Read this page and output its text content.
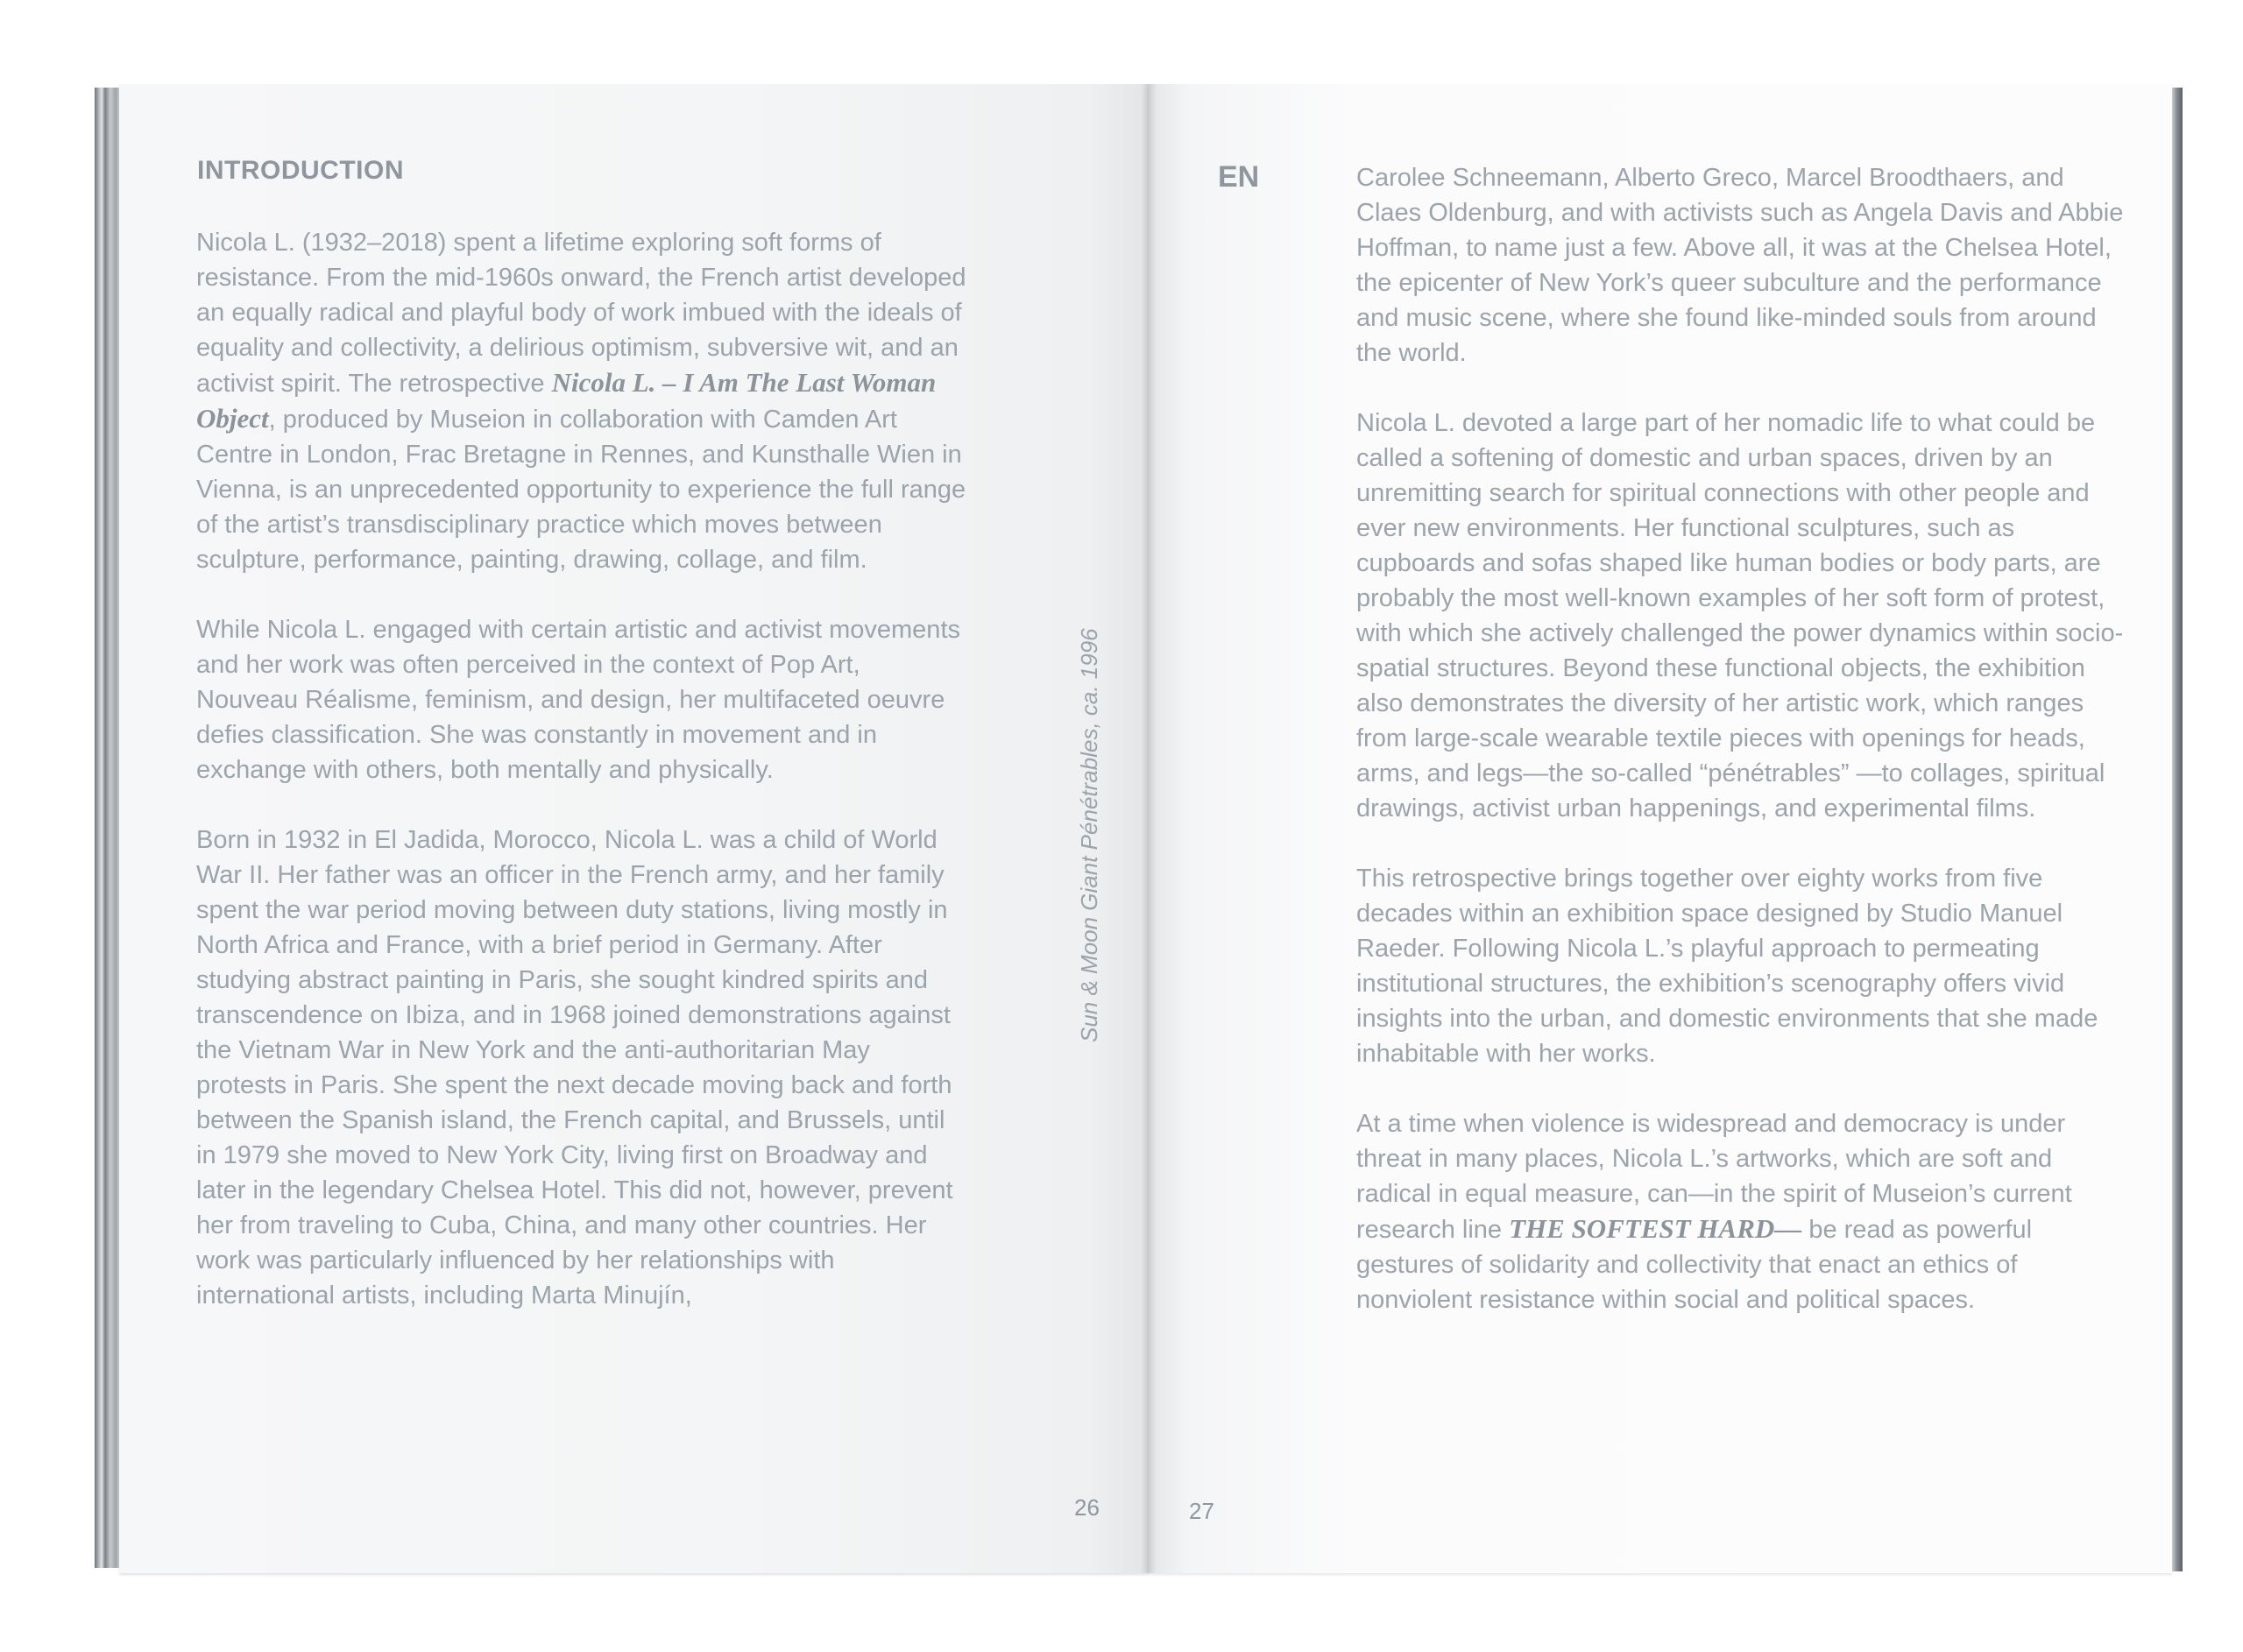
INTRODUCTION

Nicola L. (1932–2018) spent a lifetime exploring soft forms of resistance. From the mid-1960s onward, the French artist developed an equally radical and playful body of work imbued with the ideals of equality and collectivity, a delirious optimism, subversive wit, and an activist spirit. The retrospective Nicola L. – I Am The Last Woman Object, produced by Museion in collaboration with Camden Art Centre in London, Frac Bretagne in Rennes, and Kunsthalle Wien in Vienna, is an unprecedented opportunity to experience the full range of the artist’s transdisciplinary practice which moves between sculpture, performance, painting, drawing, collage, and film.

While Nicola L. engaged with certain artistic and activist movements and her work was often perceived in the context of Pop Art, Nouveau Réalisme, feminism, and design, her multifaceted oeuvre defies classification. She was constantly in movement and in exchange with others, both mentally and physically.

Born in 1932 in El Jadida, Morocco, Nicola L. was a child of World War II. Her father was an officer in the French army, and her family spent the war period moving between duty stations, living mostly in North Africa and France, with a brief period in Germany. After studying abstract painting in Paris, she sought kindred spirits and transcendence on Ibiza, and in 1968 joined demonstrations against the Vietnam War in New York and the anti-authoritarian May protests in Paris. She spent the next decade moving back and forth between the Spanish island, the French capital, and Brussels, until in 1979 she moved to New York City, living first on Broadway and later in the legendary Chelsea Hotel. This did not, however, prevent her from traveling to Cuba, China, and many other countries. Her work was particularly influenced by her relationships with international artists, including Marta Minujín,

Sun & Moon Giant Pénétrables, ca. 1996
26
EN	Carolee Schneemann, Alberto Greco, Marcel Broodthaers, and Claes Oldenburg, and with activists such as Angela Davis and Abbie Hoffman, to name just a few. Above all, it was at the Chelsea Hotel, the epicenter of New York’s queer subculture and the performance and music scene, where she found like-minded souls from around the world.

Nicola L. devoted a large part of her nomadic life to what could be called a softening of domestic and urban spaces, driven by an unremitting search for spiritual connections with other people and ever new environments. Her functional sculptures, such as cupboards and sofas shaped like human bodies or body parts, are probably the most well-known examples of her soft form of protest, with which she actively challenged the power dynamics within socio-spatial structures. Beyond these functional objects, the exhibition also demonstrates the diversity of her artistic work, which ranges from large-scale wearable textile pieces with openings for heads, arms, and legs—the so-called “pénétrables” —to collages, spiritual drawings, activist urban happenings, and experimental films.

This retrospective brings together over eighty works from five decades within an exhibition space designed by Studio Manuel Raeder. Following Nicola L.’s playful approach to permeating institutional structures, the exhibition’s scenography offers vivid insights into the urban, and domestic environments that she made inhabitable with her works.

At a time when violence is widespread and democracy is under threat in many places, Nicola L.’s artworks, which are soft and radical in equal measure, can—in the spirit of Museion’s current research line THE SOFTEST HARD— be read as powerful gestures of solidarity and collectivity that enact an ethics of nonviolent resistance within social and political spaces.

27
